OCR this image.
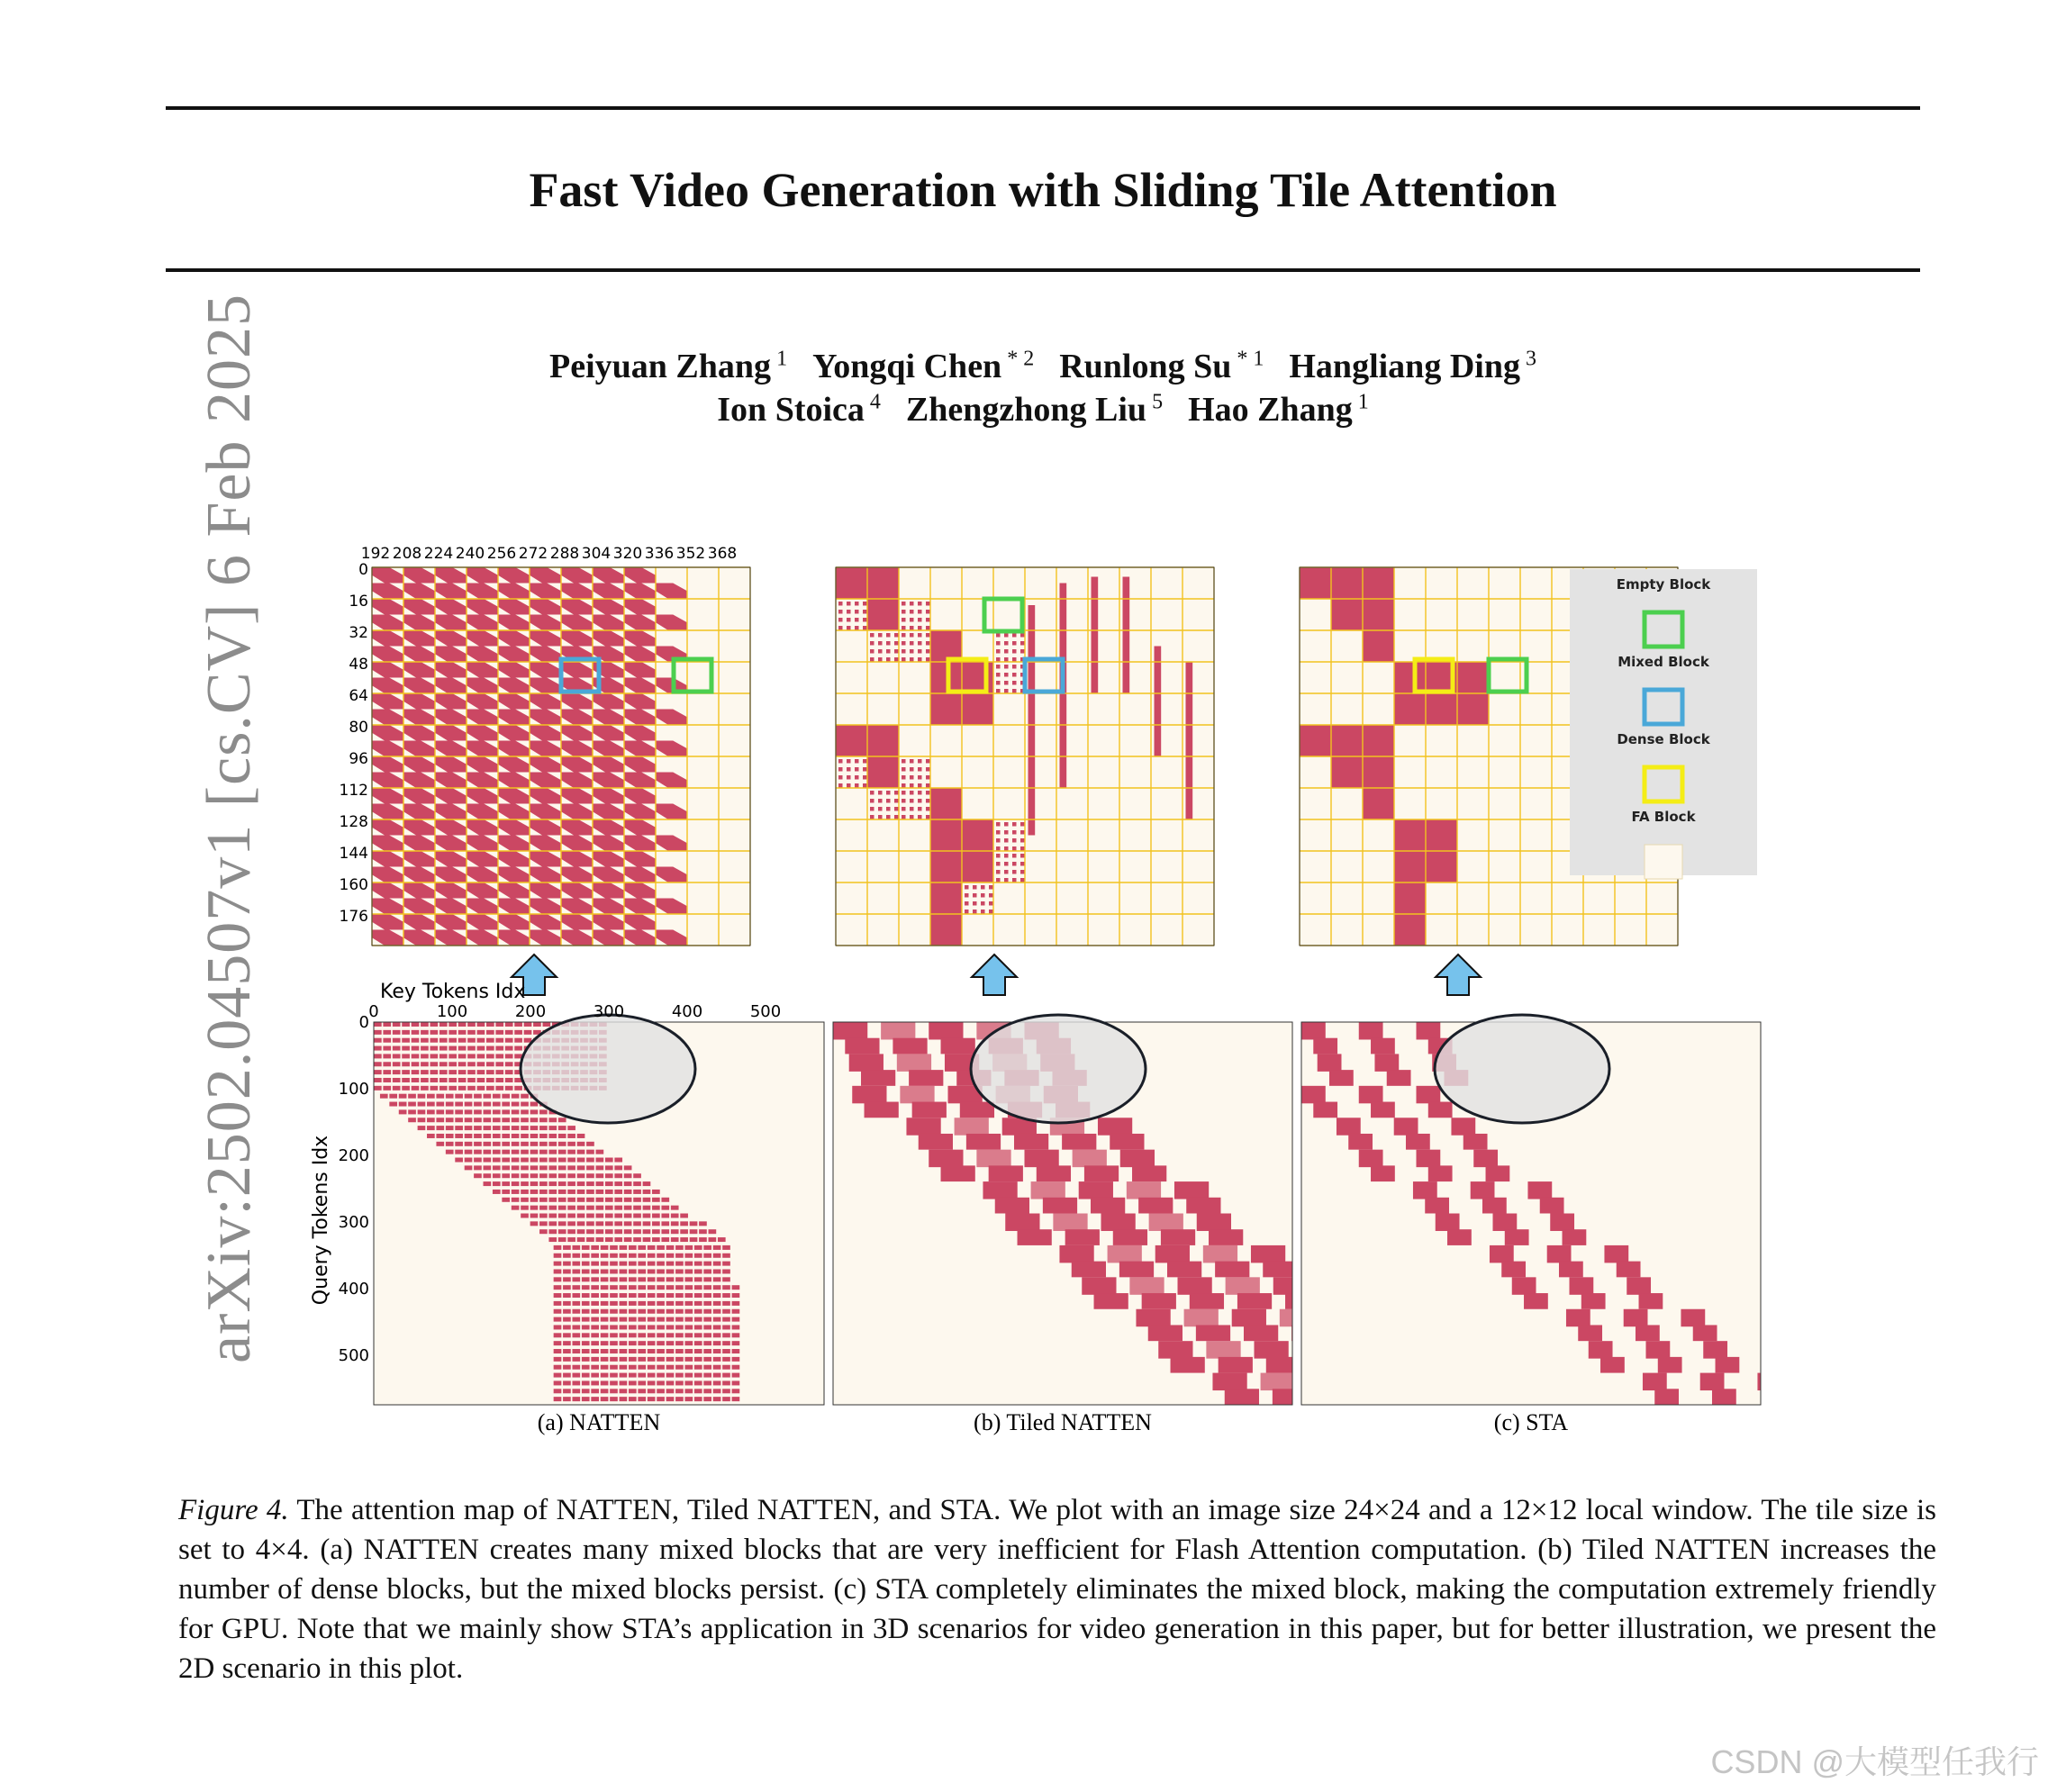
Fast Video Generation with Sliding Tile Attention
Peiyuan Zhang $^1$ Yongqi Chen $^{* 2}$ Runlong Su $^{* 1}$ Hangliang Ding $^3$
Ion Stoica $^4$ Zhengzhong Liu $^5$ Hao Zhang $^1$
arXiv:2502.04507v1 [cs.CV] 6 Feb 2025	Empty Block
Mixed Block
Dense Block
FA Block
192 208 224 240 256 272 288 304 320 336 352 368
0
16
32
48
64
80
96
112
128
144
160
176
0	100	200	300	400	500
0
100
200
300
400
500
Key Tokens Idx
Query Tokens Idx
(a) NATTEN	(b) Tiled NATTEN	(c) STA
Figure 4. The attention map of NATTEN, Tiled NATTEN, and STA. We plot with an image size 24×24 and a 12×12 local window. The tile size is set to 4×4. (a) NATTEN creates many mixed blocks that are very inefficient for Flash Attention computation. (b) Tiled NATTEN increases the number of dense blocks, but the mixed blocks persist. (c) STA completely eliminates the mixed block, making the computation extremely friendly for GPU. Note that we mainly show STA’s application in 3D scenarios for video generation in this paper, but for better illustration, we present the 2D scenario in this plot.
CSDN @大模型任我行
